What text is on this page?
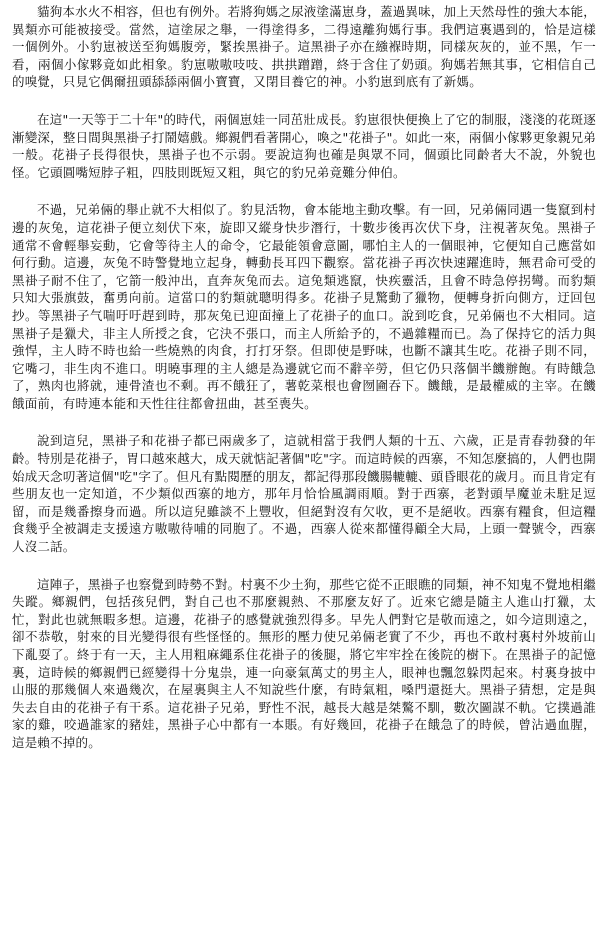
貓狗本水火不相容，但也有例外。若將狗媽之尿液塗滿崽身，蓋過異味，加上天然母性的強大本能，異類亦可能被接受。當然，這塗尿之舉，一得塗得多，二得遠離狗媽行事。我們這裏遇到的，恰是這樣一個例外。小豹崽被送至狗媽腹旁，緊挨黑褂子。這黑褂子亦在繈褓時期，同樣灰灰的，並不黑，乍一看，兩個小傢夥竟如此相象。豹崽嗷嗷吱吱、拱拱蹭蹭，終于含住了奶頭。狗媽若無其事，它相信自己的嗅覺，只見它偶爾扭頭舔舔兩個小寶寶，又閉目養它的神。小豹崽到底有了新媽。

在這"一天等于二十年"的時代，兩個崽娃一同茁壯成長。豹崽很快便換上了它的制服，淺淺的花斑逐漸變深，整日間與黑褂子打鬧嬉戲。鄉親們看著開心，喚之"花褂子"。如此一來，兩個小傢夥更象親兄弟一般。花褂子長得很快，黑褂子也不示弱。要說這狗也確是與眾不同，個頭比同齡者大不說，外貌也怪。它頭圓嘴短脖子粗，四肢則既短又粗，與它的豹兄弟竟難分伸伯。

不過，兄弟倆的舉止就不大相似了。豹見活物，會本能地主動攻擊。有一回，兄弟倆同遇一隻竄到村邊的灰兔，這花褂子便立刻伏下來，旋即又縱身快步潛行，十數步後再次伏下身，注視著灰兔。黑褂子通常不會輕舉妄動，它會等待主人的命令，它最能領會意圖，哪怕主人的一個眼神，它便知自己應當如何行動。這邊，灰兔不時警覺地立起身，轉動長耳四下觀察。當花褂子再次快速躍進時，無君命可受的黑褂子耐不住了，它箭一般沖出，直奔灰兔而去。這兔類逃竄，快疾靈活，且會不時急停拐彎。而豹類只知大張旗鼓，奮勇向前。這當口的豹類就聰明得多。花褂子見驚動了獵物，便轉身折向側方，迂回包抄。等黑褂子气喘吁吁趕到時，那灰兔已迎面撞上了花褂子的血口。說到吃食，兄弟倆也不大相同。這黑褂子是獵犬，非主人所授之食，它決不張口，而主人所給予的，不過雜糧而已。為了保持它的活力與強悍，主人時不時也給一些燒熟的肉食，打打牙祭。但即使是野味，也斷不讓其生吃。花褂子則不同，它嘴刁，非生肉不進口。明曉事理的主人總是為邊就它而不辭辛勞，但它仍只落個半饑辦飽。有時餓急了，熟肉也將就，連骨渣也不剩。再不餓狂了，薯乾菜根也會囫圇吞下。饑餓，是最權威的主宰。在饑餓面前，有時連本能和天性往往都會扭曲，甚至喪失。

說到這兒，黑褂子和花褂子都已兩歲多了，這就相當于我們人類的十五、六歲，正是青春勃發的年齡。特別是花褂子，胃口越來越大，成天就惦記著個"吃"字。而這時候的西寨，不知怎麼搞的，人們也開始成天念叨著這個"吃"字了。但凡有點閱歷的朋友，都記得那段饑腸轆轆、頭昏眼花的歲月。而且肯定有些朋友也一定知道，不少類似西寨的地方，那年月恰恰風調雨順。對于西寨，老對頭旱魔並未駐足逗留，而是幾番擦身而過。所以這兒雖談不上豐收，但絕對沒有欠收，更不是絕收。西寨有糧食，但這糧食幾乎全被調走支援遠方嗷嗷待哺的同胞了。不過，西寨人從來都懂得顧全大局，上頭一聲號令，西寨人沒二話。

這陣子，黑褂子也察覺到時勢不對。村裏不少土狗，那些它從不正眼瞧的同類，神不知鬼不覺地相繼失蹤。鄉親們，包括孩兒們，對自己也不那麼親熱、不那麼友好了。近來它總是隨主人進山打獵，太忙，對此也就無暇多想。這邊，花褂子的感覺就強烈得多。早先人們對它是敬而遠之，如今這則遠之，卻不恭敬，射來的目光變得很有些怪怪的。無形的壓力使兄弟倆老實了不少，再也不敢村裏村外坡前山下亂耍了。終于有一天，主人用粗麻繩系住花褂子的後腿，將它牢牢拴在後院的樹下。在黑褂子的記憶裏，這時候的鄉親們已經變得十分鬼祟，連一向豪氣萬丈的男主人，眼神也飄忽躲閃起來。村裏身披中山服的那幾個人來過幾次，在屋裏與主人不知說些什麼，有時氣粗，嗓門還挺大。黑褂子猜想，定是與失去自由的花褂子有干系。這花褂子兄弟，野性不泯，越長大越是桀驁不馴，數次圖謀不軌。它撲過誰家的雞，咬過誰家的豬娃，黑褂子心中都有一本賬。有好幾回，花褂子在餓急了的時候，曾沾過血腥，這是賴不掉的。
